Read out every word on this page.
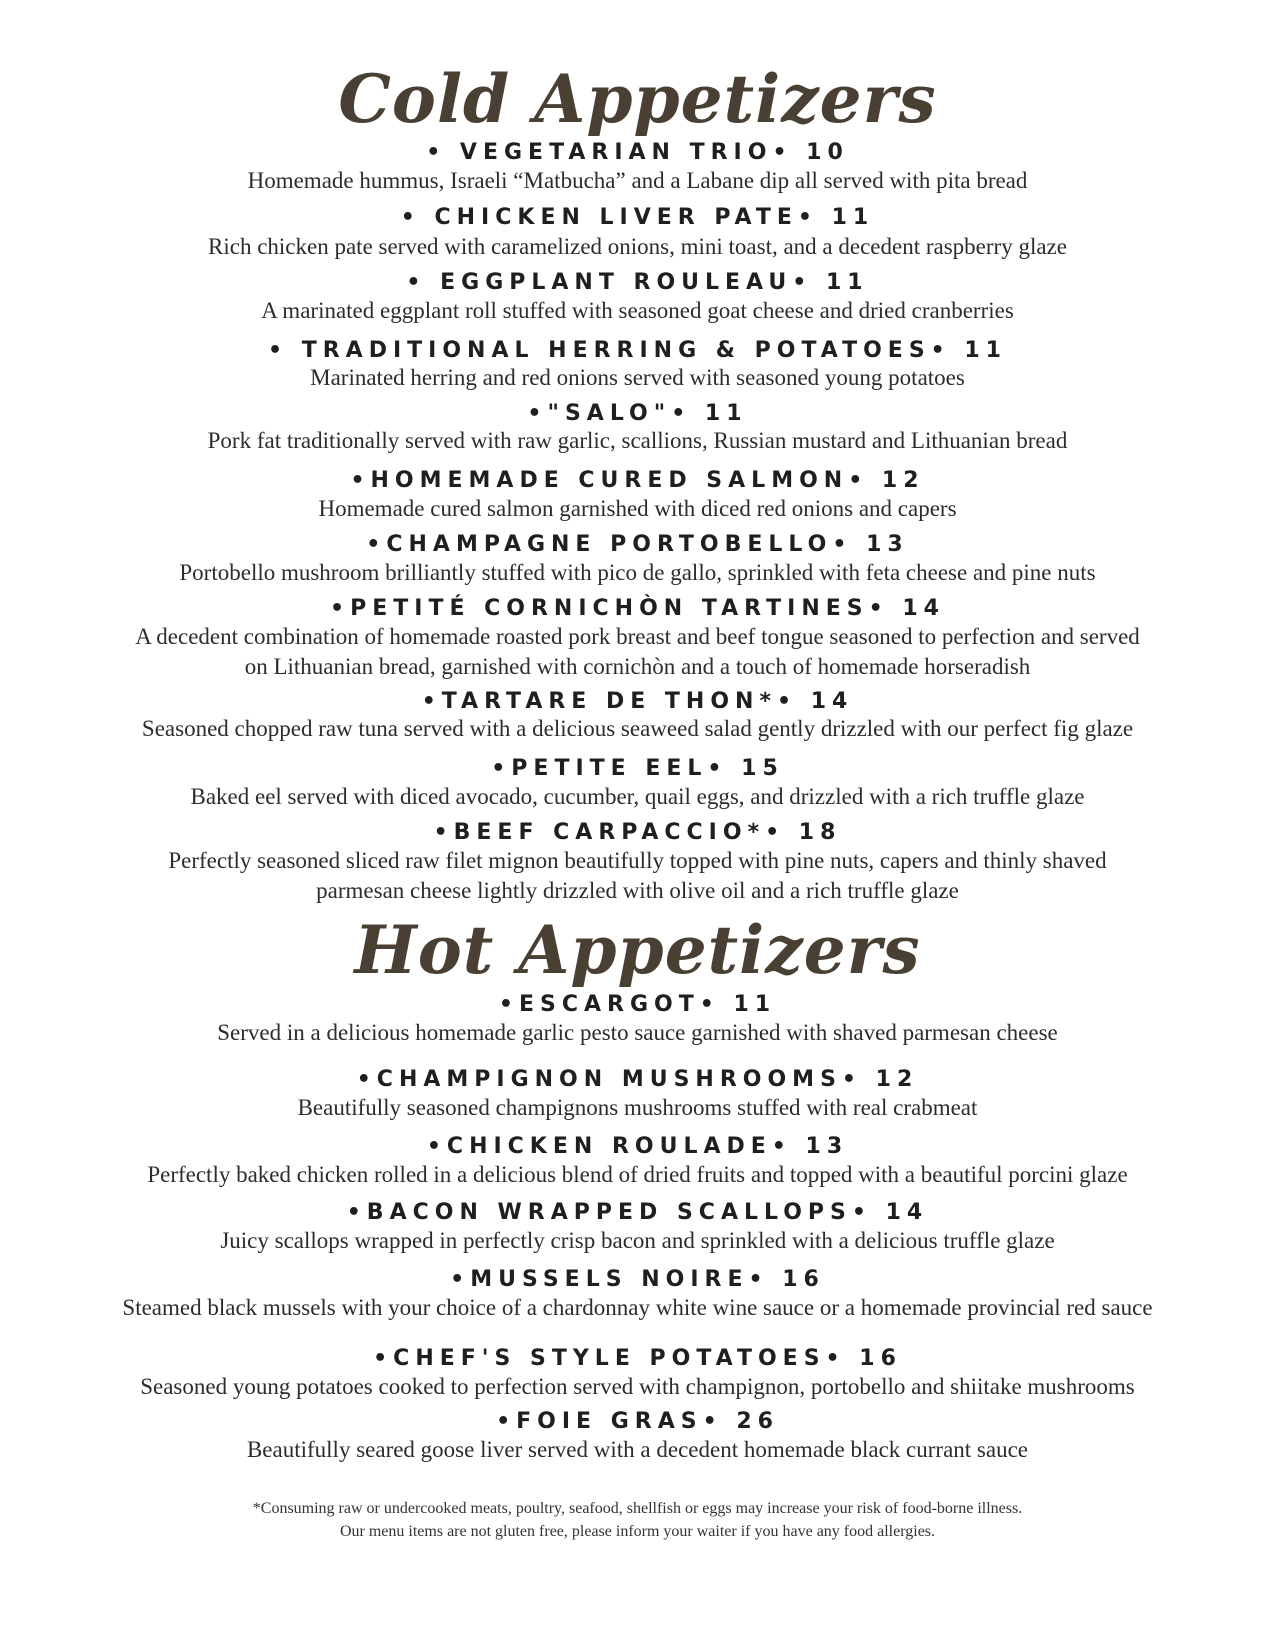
Cold Appetizers
• VEGETARIAN TRIO• 10
Homemade hummus, Israeli “Matbucha” and a Labane dip all served with pita bread
• CHICKEN LIVER PATE• 11
Rich chicken pate served with caramelized onions, mini toast, and a decedent raspberry glaze
• EGGPLANT ROULEAU• 11
A marinated eggplant roll stuffed with seasoned goat cheese and dried cranberries
• TRADITIONAL HERRING & POTATOES• 11
Marinated herring and red onions served with seasoned young potatoes
•"SALO"• 11
Pork fat traditionally served with raw garlic, scallions, Russian mustard and Lithuanian bread
•HOMEMADE CURED SALMON• 12
Homemade cured salmon garnished with diced red onions and capers
•CHAMPAGNE PORTOBELLO• 13
Portobello mushroom brilliantly stuffed with pico de gallo, sprinkled with feta cheese and pine nuts
•PETITÉ CORNICHÒN TARTINES• 14
A decedent combination of homemade roasted pork breast and beef tongue seasoned to perfection and served
on Lithuanian bread, garnished with cornichòn and a touch of homemade horseradish
•TARTARE DE THON*• 14
Seasoned chopped raw tuna served with a delicious seaweed salad gently drizzled with our perfect fig glaze
•PETITE EEL• 15
Baked eel served with diced avocado, cucumber, quail eggs, and drizzled with a rich truffle glaze
•BEEF CARPACCIO*• 18
Perfectly seasoned sliced raw filet mignon beautifully topped with pine nuts, capers and thinly shaved
parmesan cheese lightly drizzled with olive oil and a rich truffle glaze
Hot Appetizers
•ESCARGOT• 11
Served in a delicious homemade garlic pesto sauce garnished with shaved parmesan cheese
•CHAMPIGNON MUSHROOMS• 12
Beautifully seasoned champignons mushrooms stuffed with real crabmeat
•CHICKEN ROULADE• 13
Perfectly baked chicken rolled in a delicious blend of dried fruits and topped with a beautiful porcini glaze
•BACON WRAPPED SCALLOPS• 14
Juicy scallops wrapped in perfectly crisp bacon and sprinkled with a delicious truffle glaze
•MUSSELS NOIRE• 16
Steamed black mussels with your choice of a chardonnay white wine sauce or a homemade provincial red sauce
•CHEF'S STYLE POTATOES• 16
Seasoned young potatoes cooked to perfection served with champignon, portobello and shiitake mushrooms
•FOIE GRAS• 26
Beautifully seared goose liver served with a decedent homemade black currant sauce
*Consuming raw or undercooked meats, poultry, seafood, shellfish or eggs may increase your risk of food-borne illness.
Our menu items are not gluten free, please inform your waiter if you have any food allergies.
